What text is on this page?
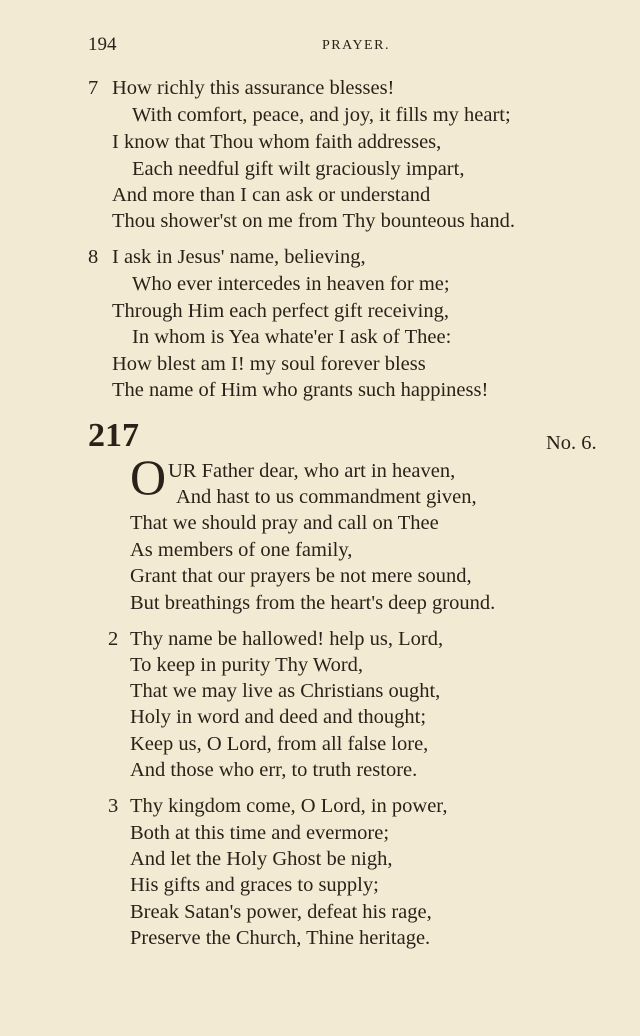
194	PRAYER.
7 How richly this assurance blesses!
With comfort, peace, and joy, it fills my heart;
I know that Thou whom faith addresses,
Each needful gift wilt graciously impart,
And more than I can ask or understand
Thou shower'st on me from Thy bounteous hand.
8 I ask in Jesus' name, believing,
Who ever intercedes in heaven for me;
Through Him each perfect gift receiving,
In whom is Yea whate'er I ask of Thee:
How blest am I! my soul forever bless
The name of Him who grants such happiness!
217	No. 6.
O UR Father dear, who art in heaven,
And hast to us commandment given,
That we should pray and call on Thee
As members of one family,
Grant that our prayers be not mere sound,
But breathings from the heart's deep ground.
2 Thy name be hallowed! help us, Lord,
To keep in purity Thy Word,
That we may live as Christians ought,
Holy in word and deed and thought;
Keep us, O Lord, from all false lore,
And those who err, to truth restore.
3 Thy kingdom come, O Lord, in power,
Both at this time and evermore;
And let the Holy Ghost be nigh,
His gifts and graces to supply;
Break Satan's power, defeat his rage,
Preserve the Church, Thine heritage.
